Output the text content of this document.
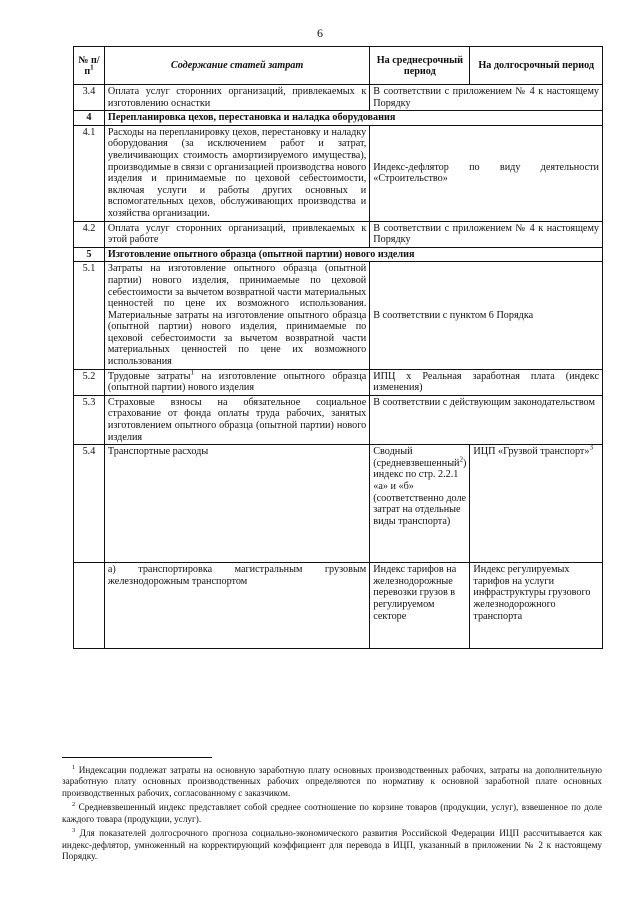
6
№ $п/п^1$	Содержание статей затрат	На среднесрочный период	На долгосрочный период
3.4	Оплата услуг сторонних организаций, привлекаемых к изготовлению оснастки	В соответствии с приложением № 4 к настоящему Порядку	
4	Перепланировка цехов, перестановка и наладка оборудования		
4.1	Расходы на перепланировку цехов, перестановку и наладку оборудования (за исключением работ и затрат, увеличивающих стоимость амортизируемого имущества), производимые в связи с организацией производства нового изделия и принимаемые по цеховой себестоимости, включая услуги и работы других основных и вспомогательных цехов, обслуживающих производства и хозяйства организации.	Индекс-дефлятор по виду деятельности «Строительство»	
4.2	Оплата услуг сторонних организаций, привлекаемых к этой работе	В соответствии с приложением № 4 к настоящему Порядку	
5	Изготовление опытного образца (опытной партии) нового изделия		
5.1	Затраты на изготовление опытного образца (опытной партии) нового изделия, принимаемые по цеховой себестоимости за вычетом возвратной части материальных ценностей по цене их возможного использования. Материальные затраты на изготовление опытного образца (опытной партии) нового изделия, принимаемые по цеховой себестоимости за вычетом возвратной части материальных ценностей по цене их возможного использования	В соответствии с пунктом 6 Порядка	
5.2	Трудовые затраты$^1$ на изготовление опытного образца (опытной партии) нового изделия	ИПЦ х Реальная заработная плата (индекс изменения)	
5.3	Страховые взносы на обязательное социальное страхование от фонда оплаты труда рабочих, занятых изготовлением опытного образца (опытной партии) нового изделия	В соответствии с действующим законодательством	
5.4	Транспортные расходы	Сводный (средневзвешенный$^2$) индекс по стр. 2.2.1 «а» и «б» (соответственно доле затрат на отдельные виды транспорта)	ИЦП «Грузвой транспорт»$^3$
	а) транспортировка магистральным грузовым железнодорожным транспортом	Индекс тарифов на железнодорожные перевозки грузов в регулируемом секторе	Индекс регулируемых тарифов на услуги инфраструктуры грузового железнодорожного транспорта
$^1$ Индексации подлежат затраты на основную заработную плату основных производственных рабочих, затраты на дополнительную заработную плату основных производственных рабочих определяются по нормативу к основной заработной плате основных производственных рабочих, согласованному с заказчиком.
$^2$ Средневзвешенный индекс представляет собой среднее соотношение по корзине товаров (продукции, услуг), взвешенное по доле каждого товара (продукции, услуг).
$^3$ Для показателей долгосрочного прогноза социально-экономического развития Российской Федерации ИЦП рассчитывается как индекс-дефлятор, умноженный на корректирующий коэффициент для перевода в ИЦП, указанный в приложении № 2 к настоящему Порядку.
